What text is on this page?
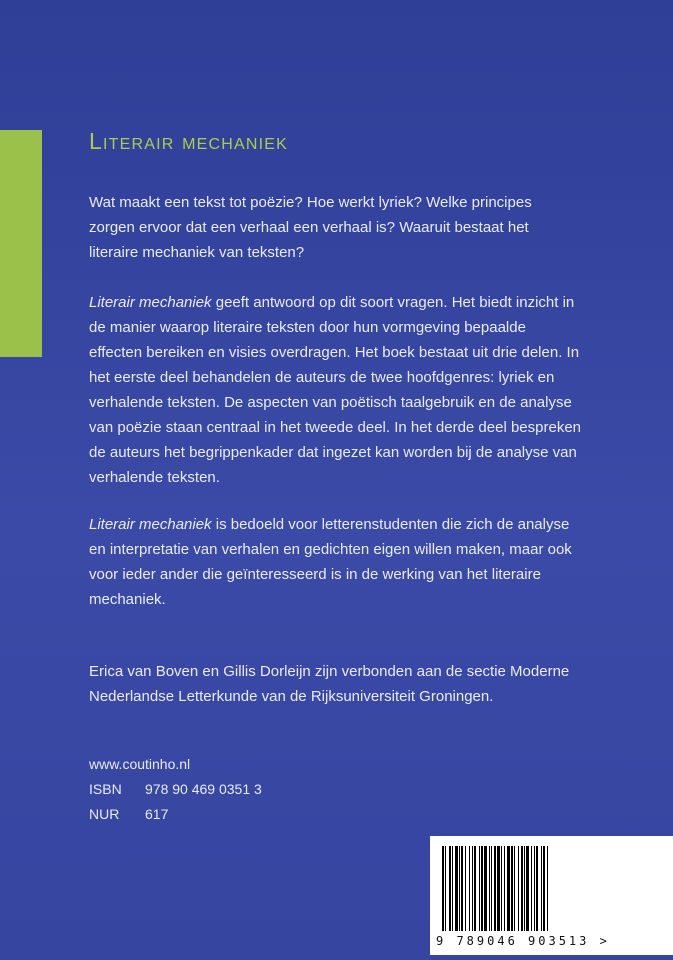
Literair mechaniek
Wat maakt een tekst tot poëzie? Hoe werkt lyriek? Welke principes zorgen ervoor dat een verhaal een verhaal is? Waaruit bestaat het literaire mechaniek van teksten?
Literair mechaniek geeft antwoord op dit soort vragen. Het biedt inzicht in de manier waarop literaire teksten door hun vormgeving bepaalde effecten bereiken en visies overdragen. Het boek bestaat uit drie delen. In het eerste deel behandelen de auteurs de twee hoofdgenres: lyriek en verhalende teksten. De aspecten van poëtisch taalgebruik en de analyse van poëzie staan centraal in het tweede deel. In het derde deel bespreken de auteurs het begrippenkader dat ingezet kan worden bij de analyse van verhalende teksten.
Literair mechaniek is bedoeld voor letterenstudenten die zich de analyse en interpretatie van verhalen en gedichten eigen willen maken, maar ook voor ieder ander die geïnteresseerd is in de werking van het literaire mechaniek.
Erica van Boven en Gillis Dorleijn zijn verbonden aan de sectie Moderne Nederlandse Letterkunde van de Rijksuniversiteit Groningen.
www.coutinho.nl
ISBN 978 90 469 0351 3
NUR 617
9 789046 903513 >
